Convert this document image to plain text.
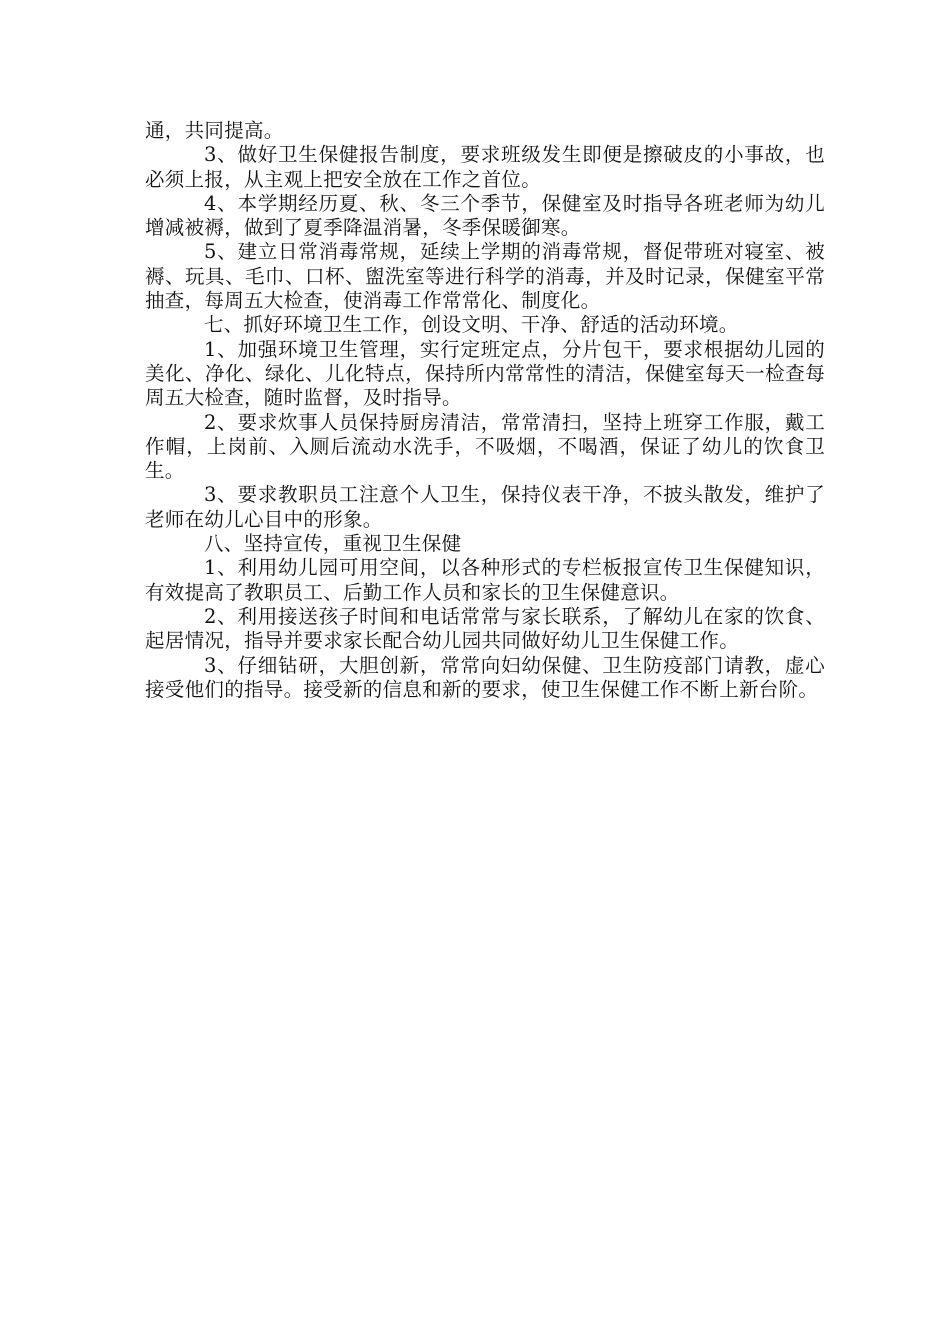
通，共同提高。

3、做好卫生保健报告制度，要求班级发生即便是擦破皮的小事故，也必须上报，从主观上把安全放在工作之首位。

4、本学期经历夏、秋、冬三个季节，保健室及时指导各班老师为幼儿增减被褥，做到了夏季降温消暑，冬季保暖御寒。

5、建立日常消毒常规，延续上学期的消毒常规，督促带班对寝室、被褥、玩具、毛巾、口杯、盥洗室等进行科学的消毒，并及时记录，保健室平常抽查，每周五大检查，使消毒工作常常化、制度化。

七、抓好环境卫生工作，创设文明、干净、舒适的活动环境。

1、加强环境卫生管理，实行定班定点，分片包干，要求根据幼儿园的美化、净化、绿化、儿化特点，保持所内常常性的清洁，保健室每天一检查每周五大检查，随时监督，及时指导。

2、要求炊事人员保持厨房清洁，常常清扫，坚持上班穿工作服，戴工作帽，上岗前、入厕后流动水洗手，不吸烟，不喝酒，保证了幼儿的饮食卫生。

3、要求教职员工注意个人卫生，保持仪表干净，不披头散发，维护了老师在幼儿心目中的形象。

八、坚持宣传，重视卫生保健

1、利用幼儿园可用空间，以各种形式的专栏板报宣传卫生保健知识，有效提高了教职员工、后勤工作人员和家长的卫生保健意识。

2、利用接送孩子时间和电话常常与家长联系，了解幼儿在家的饮食、起居情况，指导并要求家长配合幼儿园共同做好幼儿卫生保健工作。

3、仔细钻研，大胆创新，常常向妇幼保健、卫生防疫部门请教，虚心接受他们的指导。接受新的信息和新的要求，使卫生保健工作不断上新台阶。
